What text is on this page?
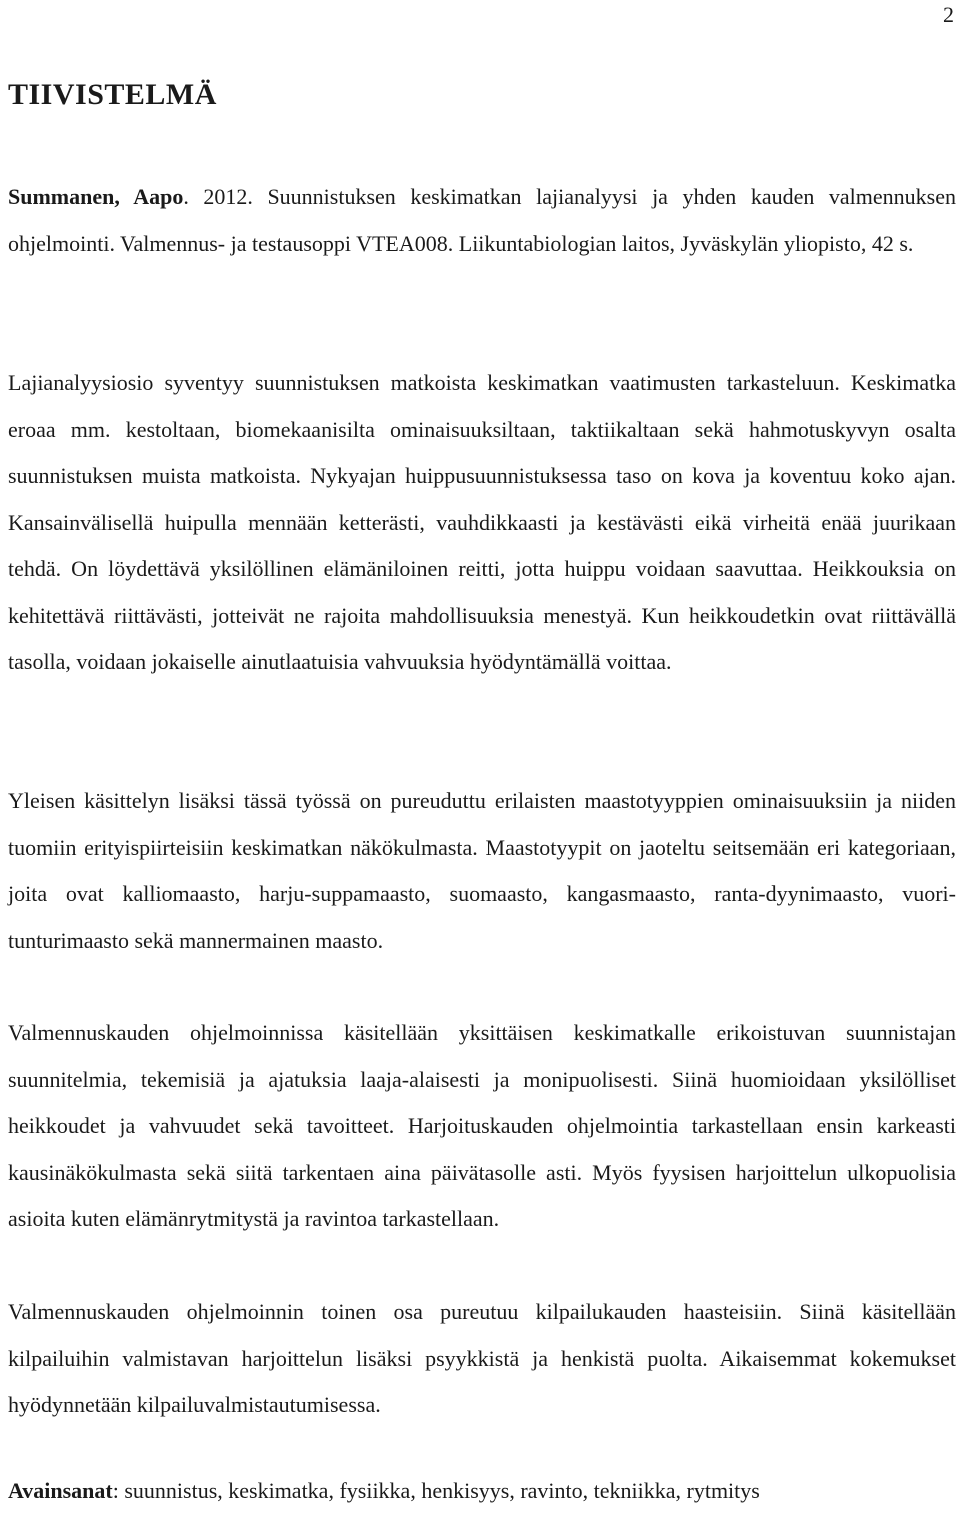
2
TIIVISTELMÄ

Summanen, Aapo. 2012. Suunnistuksen keskimatkan lajianalyysi ja yhden kauden valmennuksen ohjelmointi. Valmennus- ja testausoppi VTEA008. Liikuntabiologian laitos, Jyväskylän yliopisto, 42 s.

Lajianalyysiosio syventyy suunnistuksen matkoista keskimatkan vaatimusten tarkasteluun. Keskimatka eroaa mm. kestoltaan, biomekaanisilta ominaisuuksiltaan, taktiikaltaan sekä hahmotuskyvyn osalta suunnistuksen muista matkoista. Nykyajan huippusuunnistuksessa taso on kova ja koventuu koko ajan. Kansainvälisellä huipulla mennään ketterästi, vauhdikkaasti ja kestävästi eikä virheitä enää juurikaan tehdä. On löydettävä yksilöllinen elämäniloinen reitti, jotta huippu voidaan saavuttaa. Heikkouksia on kehitettävä riittävästi, jotteivät ne rajoita mahdollisuuksia menestyä. Kun heikkoudetkin ovat riittävällä tasolla, voidaan jokaiselle ainutlaatuisia vahvuuksia hyödyntämällä voittaa.

Yleisen käsittelyn lisäksi tässä työssä on pureuduttu erilaisten maastotyyppien ominaisuuksiin ja niiden tuomiin erityispiirteisiin keskimatkan näkökulmasta. Maastotyypit on jaoteltu seitsemään eri kategoriaan, joita ovat kalliomaasto, harju-suppamaasto, suomaasto, kangasmaasto, ranta-dyynimaasto, vuori-tunturimaasto sekä mannermainen maasto.

Valmennuskauden ohjelmoinnissa käsitellään yksittäisen keskimatkalle erikoistuvan suunnistajan suunnitelmia, tekemisiä ja ajatuksia laaja-alaisesti ja monipuolisesti. Siinä huomioidaan yksilölliset heikkoudet ja vahvuudet sekä tavoitteet. Harjoituskauden ohjelmointia tarkastellaan ensin karkeasti kausinäkökulmasta sekä siitä tarkentaen aina päivätasolle asti. Myös fyysisen harjoittelun ulkopuolisia asioita kuten elämänrytmitystä ja ravintoa tarkastellaan.

Valmennuskauden ohjelmoinnin toinen osa pureutuu kilpailukauden haasteisiin. Siinä käsitellään kilpailuihin valmistavan harjoittelun lisäksi psyykkistä ja henkistä puolta. Aikaisemmat kokemukset hyödynnetään kilpailuvalmistautumisessa.

Avainsanat: suunnistus, keskimatka, fysiikka, henkisyys, ravinto, tekniikka, rytmitys
